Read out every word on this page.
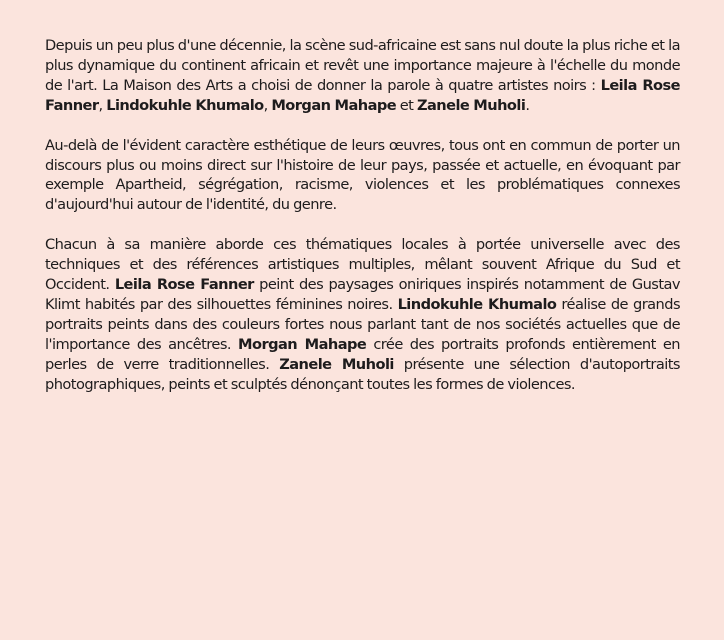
Depuis un peu plus d'une décennie, la scène sud-africaine est sans nul doute la plus riche et la plus dynamique du continent africain et revêt une importance majeure à l'échelle du monde de l'art. La Maison des Arts a choisi de donner la parole à quatre artistes noirs : Leila Rose Fanner, Lindokuhle Khumalo, Morgan Mahape et Zanele Muholi.

Au-delà de l'évident caractère esthétique de leurs œuvres, tous ont en commun de porter un discours plus ou moins direct sur l'histoire de leur pays, passée et actuelle, en évoquant par exemple Apartheid, ségrégation, racisme, violences et les problématiques connexes d'aujourd'hui autour de l'identité, du genre.

Chacun à sa manière aborde ces thématiques locales à portée universelle avec des techniques et des références artistiques multiples, mêlant souvent Afrique du Sud et Occident. Leila Rose Fanner peint des paysages oniriques inspirés notamment de Gustav Klimt habités par des silhouettes féminines noires. Lindokuhle Khumalo réalise de grands portraits peints dans des couleurs fortes nous parlant tant de nos sociétés actuelles que de l'importance des ancêtres. Morgan Mahape crée des portraits profonds entièrement en perles de verre traditionnelles. Zanele Muholi présente une sélection d'autoportraits photographiques, peints et sculptés dénonçant toutes les formes de violences.
